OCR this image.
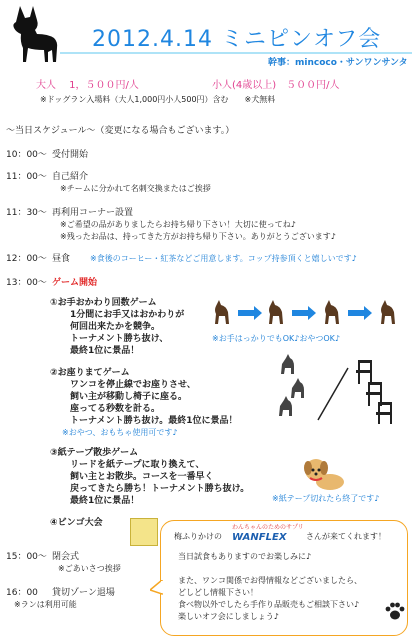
2012.4.14 ミニピンオフ会
幹事：mincoco・サンワンサンタ
大人　 1，５００円/人	小人(4歳以上)　５００円/人
※ドッグラン入場料（大人1,000円小人500円）含む　　※犬無料
～当日スケジュール～（変更になる場合もございます。）
10：00～ 受付開始
11：00～ 自己紹介
※チームに分かれて名刺交換またはご挨拶
11：30～ 再利用コーナー設置
※ご希望の品がありましたらお持ち帰り下さい！大切に使ってね♪
※残ったお品は、持ってきた方がお持ち帰り下さい。ありがとうございます♪
12：00～ 昼食 ※食後のコーヒー・紅茶などご用意します。コップ持参頂くと嬉しいです♪
13：00～ ゲーム開始
①お手おかわり回数ゲーム
1分間にお手又はおかわりが
何回出来たかを競争。
トーナメント勝ち抜け、
最終1位に景品！
※お手はっかりでもOK♪おやつOK♪
②お座りまてゲーム
ワンコを停止線でお座りさせ、
飼い主が移動し椅子に座る。
座ってる秒数を計る。
トーナメント勝ち抜け。最終1位に景品！
※おやつ、おもちゃ使用可です♪
③紙テープ散歩ゲーム
リードを紙テープに取り換えて、
飼い主とお散歩。コースを一番早く
戻ってきたら勝ち！トーナメント勝ち抜け。
最終1位に景品！	※紙テープ切れたら終了です♪
④ビンゴ大会
15：00～ 閉会式
※ごあいさつ挨拶
16：00 貸切ゾーン退場
※ランは利用可能
梅ふりかけの
わんちゃんのためのサプリ
WANFLEX	さんが来てくれます！
当日試食もありますのでお楽しみに♪
また、ワンコ関係でお得情報などございましたら、
どしどし情報下さい！
食べ物以外でしたら手作り品販売もご相談下さい♪
楽しいオフ会にしましょう♪
